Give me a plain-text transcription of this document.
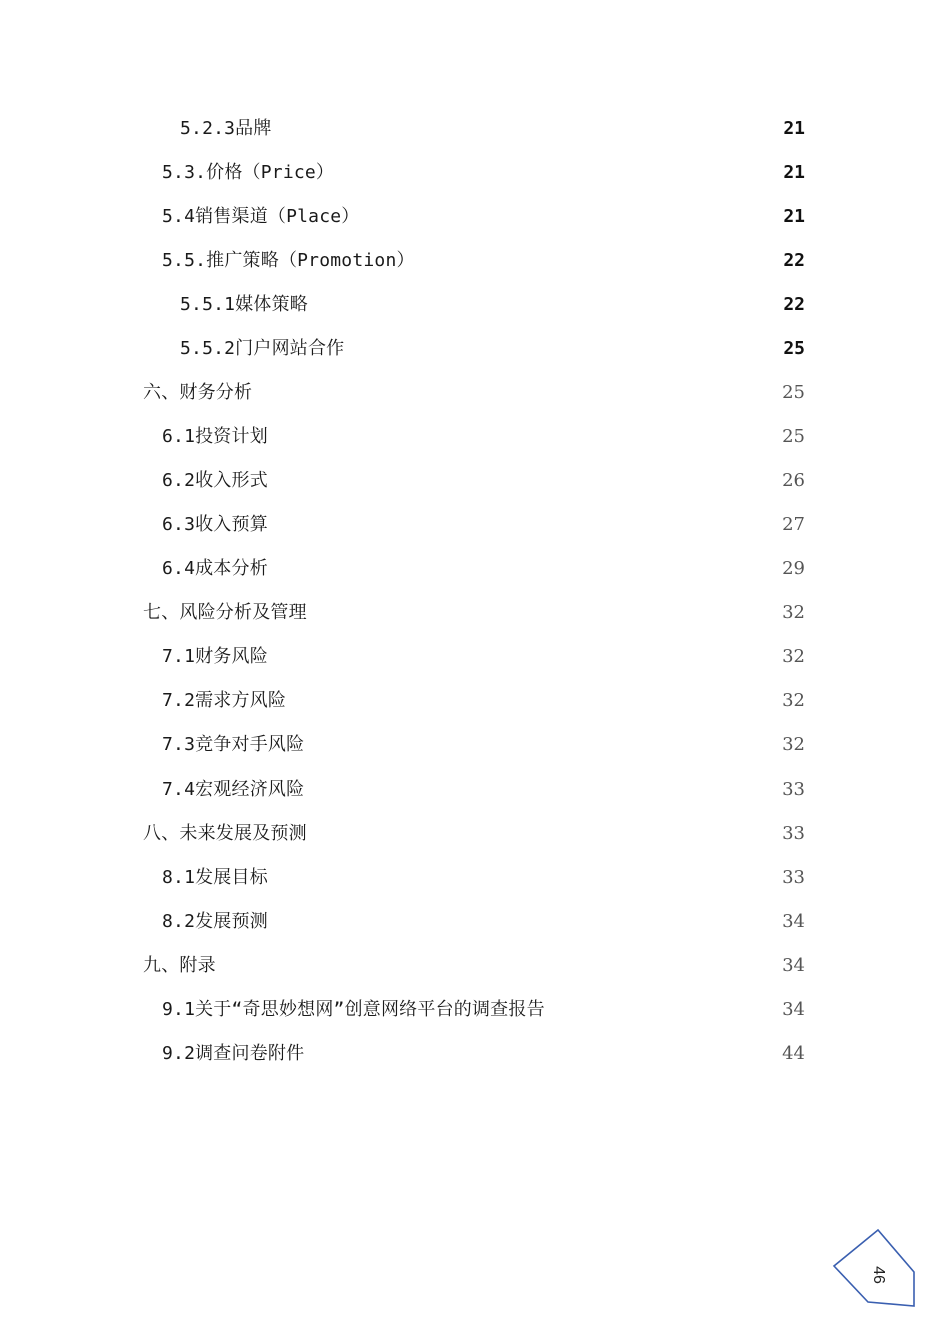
5.2.3品牌	21
5.3.价格（Price）	21
5.4销售渠道（Place）	21
5.5.推广策略（Promotion）	22
5.5.1媒体策略	22
5.5.2门户网站合作	25
六、财务分析	25
6.1投资计划	25
6.2收入形式	26
6.3收入预算	27
6.4成本分析	29
七、风险分析及管理	32
7.1财务风险	32
7.2需求方风险	32
7.3竞争对手风险	32
7.4宏观经济风险	33
八、未来发展及预测	33
8.1发展目标	33
8.2发展预测	34
九、附录	34
9.1关于“奇思妙想网”创意网络平台的调查报告	34
9.2调查问卷附件	44
46
